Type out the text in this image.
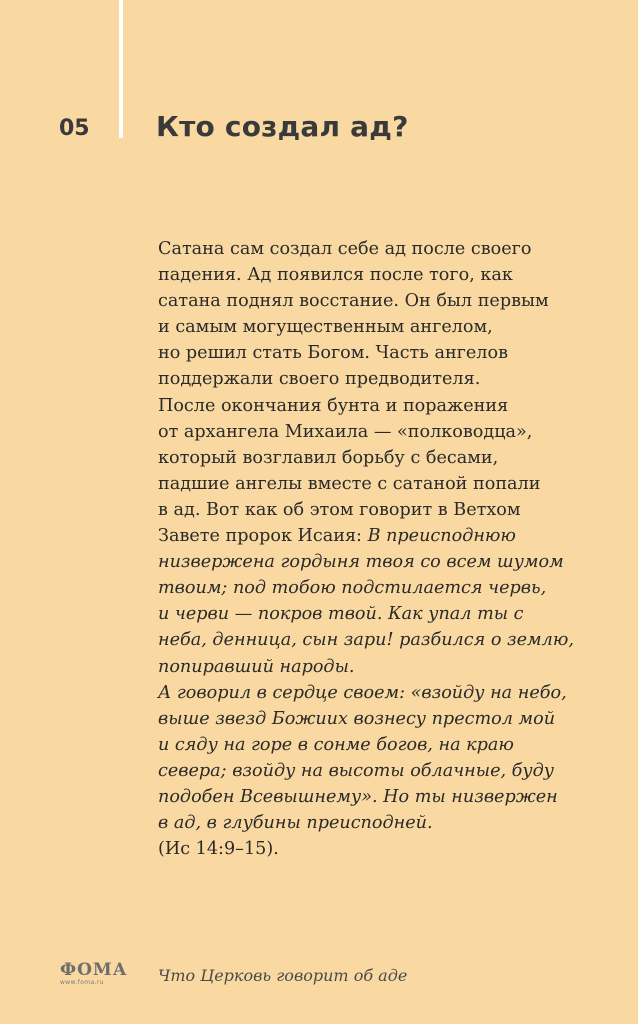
05 Кто создал ад?
Сатана сам создал себе ад после своего
падения. Ад появился после того, как
сатана поднял восстание. Он был первым
и самым могущественным ангелом,
но решил стать Богом. Часть ангелов
поддержали своего предводителя.
После окончания бунта и поражения
от архангела Михаила — «полководца»,
который возглавил борьбу с бесами,
падшие ангелы вместе с сатаной попали
в ад. Вот как об этом говорит в Ветхом
Завете пророк Исаия: В преисподнюю
низвержена гордыня твоя со всем шумом
твоим; под тобою подстилается червь,
и черви — покров твой. Как упал ты с
неба, денница, сын зари! разбился о землю,
попиравший народы.
А говорил в сердце своем: «взойду на небо,
выше звезд Божиих вознесу престол мой
и сяду на горе в сонме богов, на краю
севера; взойду на высоты облачные, буду
подобен Всевышнему». Но ты низвержен
в ад, в глубины преисподней.
(Ис 14:9–15).
ФОМА
www.foma.ru	Что Церковь говорит об аде
